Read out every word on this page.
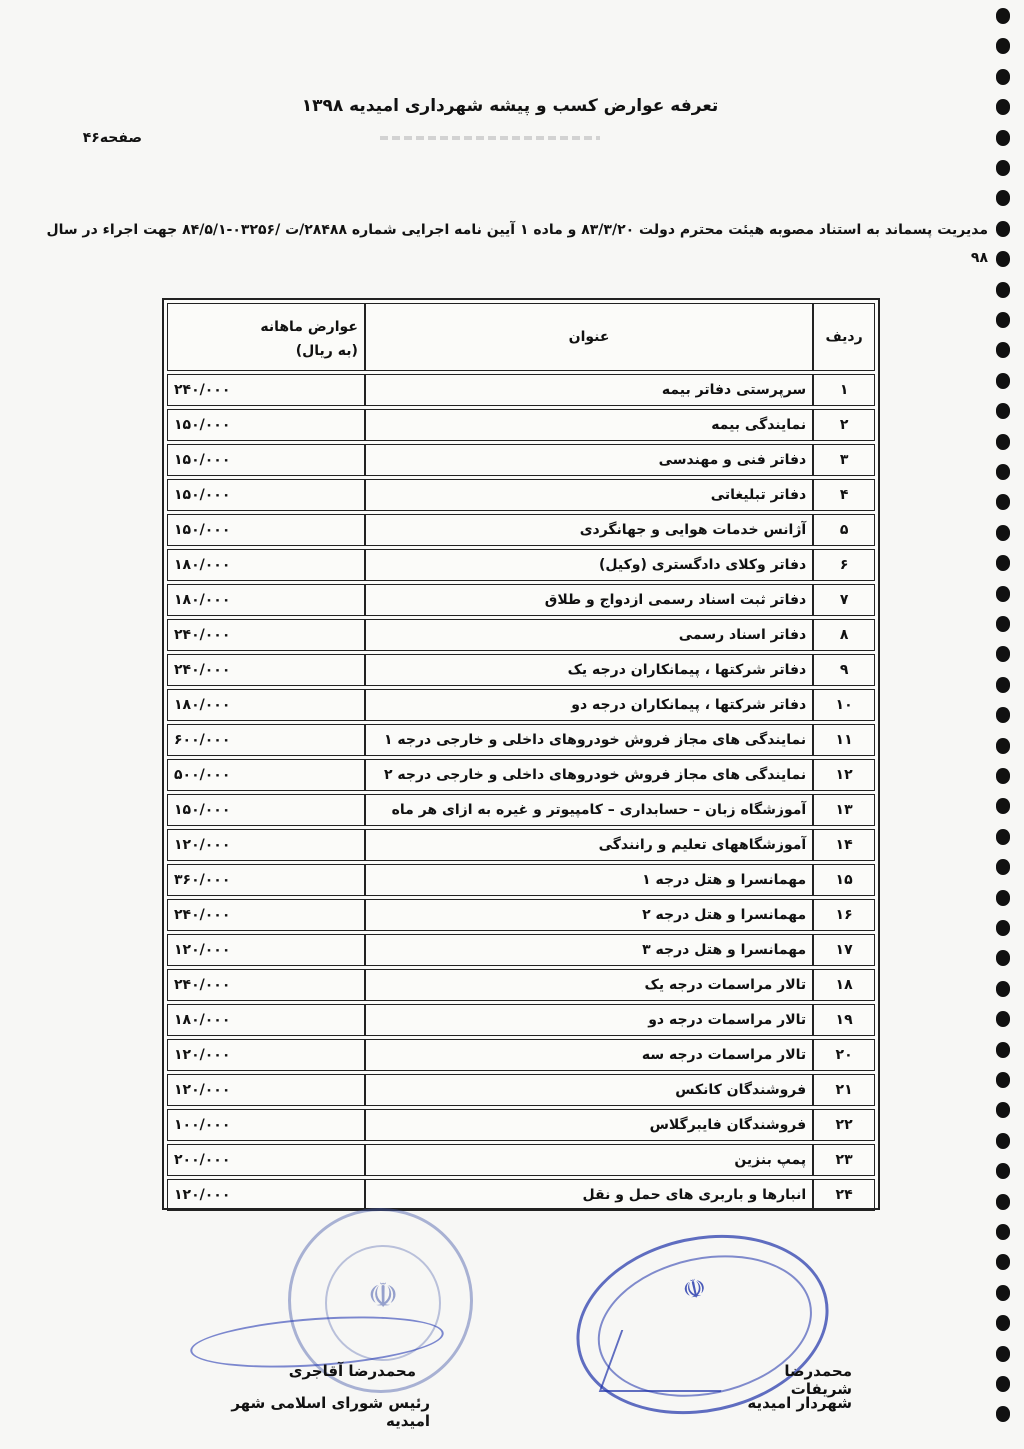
تعرفه عوارض کسب و پیشه شهرداری امیدیه ۱۳۹۸
صفحه۴۶
مدیریت پسماند به استناد مصوبه هیئت محترم دولت ۸۳/۳/۲۰ و ماده ۱ آیین نامه اجرایی شماره ۲۸۴۸۸/ت /۰۳۲۵۶-۸۴/۵/۱ جهت اجراء در سال ۹۸
ردیف	عنوان	عوارض ماهانه
(به ریال)

۱	سرپرستی دفاتر بیمه	۲۴۰/۰۰۰

۲	نمایندگی بیمه	۱۵۰/۰۰۰

۳	دفاتر فنی و مهندسی	۱۵۰/۰۰۰

۴	دفاتر تبلیغاتی	۱۵۰/۰۰۰

۵	آژانس خدمات هوایی و جهانگردی	۱۵۰/۰۰۰

۶	دفاتر وکلای دادگستری (وکیل)	۱۸۰/۰۰۰

۷	دفاتر ثبت اسناد رسمی ازدواج و طلاق	۱۸۰/۰۰۰

۸	دفاتر اسناد رسمی	۲۴۰/۰۰۰

۹	دفاتر شرکتها ، پیمانکاران درجه یک	۲۴۰/۰۰۰

۱۰	دفاتر شرکتها ، پیمانکاران درجه دو	۱۸۰/۰۰۰

۱۱	نمایندگی های مجاز فروش خودروهای داخلی و خارجی درجه ۱	۶۰۰/۰۰۰

۱۲	نمایندگی های مجاز فروش خودروهای داخلی و خارجی درجه ۲	۵۰۰/۰۰۰

۱۳	آموزشگاه زبان – حسابداری – کامپیوتر و غیره به ازای هر ماه	۱۵۰/۰۰۰

۱۴	آموزشگاههای تعلیم و رانندگی	۱۲۰/۰۰۰

۱۵	مهمانسرا و هتل درجه ۱	۳۶۰/۰۰۰

۱۶	مهمانسرا و هتل درجه ۲	۲۴۰/۰۰۰

۱۷	مهمانسرا و هتل درجه ۳	۱۲۰/۰۰۰

۱۸	تالار مراسمات درجه یک	۲۴۰/۰۰۰

۱۹	تالار مراسمات درجه دو	۱۸۰/۰۰۰

۲۰	تالار مراسمات درجه سه	۱۲۰/۰۰۰

۲۱	فروشندگان کانکس	۱۲۰/۰۰۰

۲۲	فروشندگان فایبرگلاس	۱۰۰/۰۰۰

۲۳	پمپ بنزین	۲۰۰/۰۰۰

۲۴	انبارها و باربری های حمل و نقل	۱۲۰/۰۰۰
☫	☫
محمدرضا آقاجری
رئیس شورای اسلامی شهر امیدیه
محمدرضا شریفات
شهردار امیدیه
